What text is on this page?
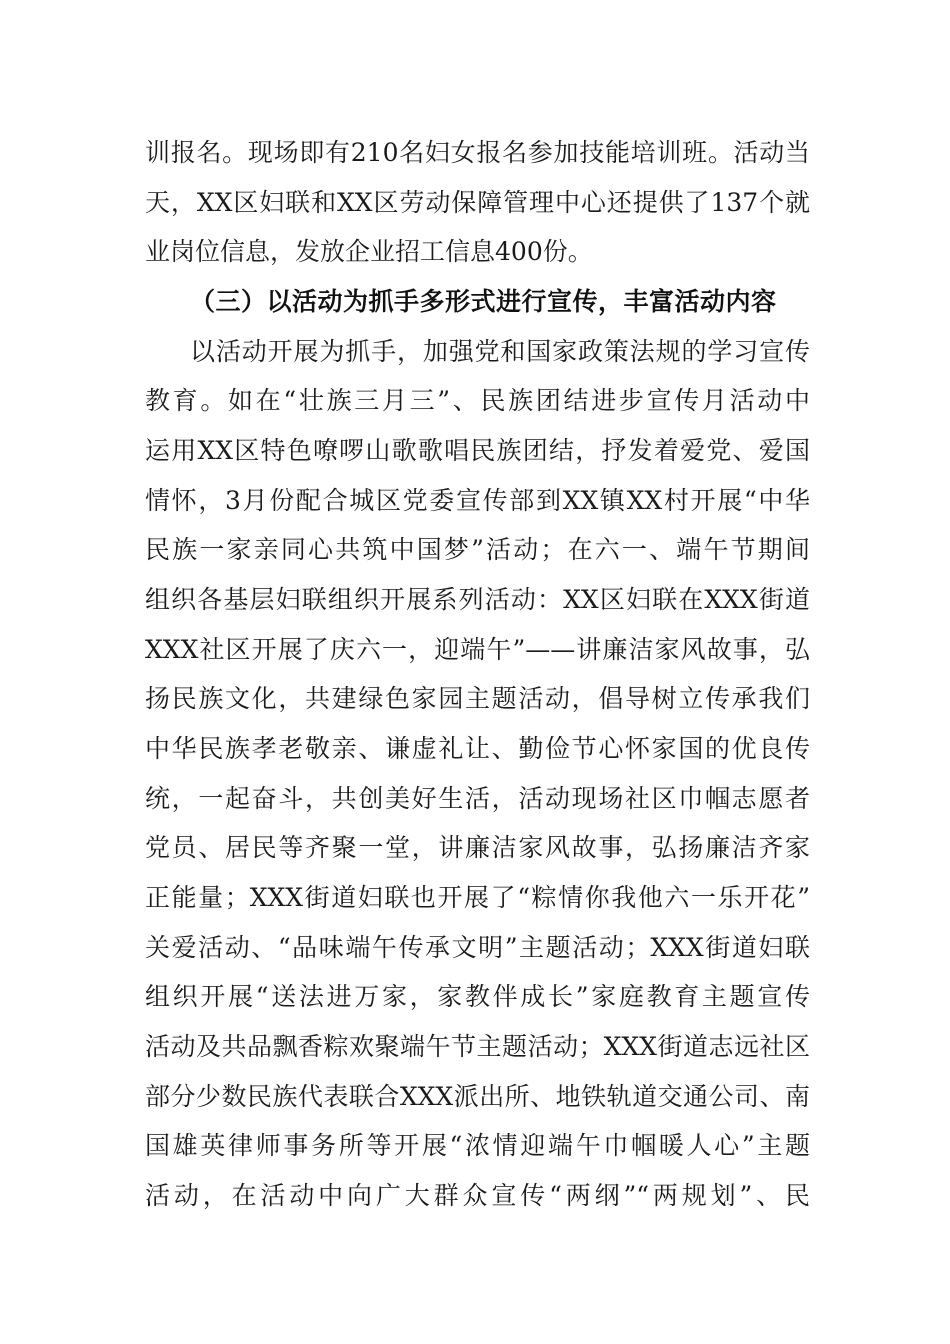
训报名。现场即有210名妇女报名参加技能培训班。活动当
天，XX区妇联和XX区劳动保障管理中心还提供了137个就
业岗位信息，发放企业招工信息400份。
（三）以活动为抓手多形式进行宣传，丰富活动内容
以活动开展为抓手，加强党和国家政策法规的学习宣传
教育。如在“壮族三月三”、民族团结进步宣传月活动中
运用XX区特色嘹啰山歌歌唱民族团结，抒发着爱党、爱国
情怀，3月份配合城区党委宣传部到XX镇XX村开展“中华
民族一家亲同心共筑中国梦”活动；在六一、端午节期间
组织各基层妇联组织开展系列活动：XX区妇联在XXX街道
XXX社区开展了庆六一，迎端午”——讲廉洁家风故事，弘
扬民族文化，共建绿色家园主题活动，倡导树立传承我们
中华民族孝老敬亲、谦虚礼让、勤俭节心怀家国的优良传
统，一起奋斗，共创美好生活，活动现场社区巾帼志愿者
党员、居民等齐聚一堂，讲廉洁家风故事，弘扬廉洁齐家
正能量；XXX街道妇联也开展了“粽情你我他六一乐开花”
关爱活动、“品味端午传承文明”主题活动；XXX街道妇联
组织开展“送法进万家，家教伴成长”家庭教育主题宣传
活动及共品飘香粽欢聚端午节主题活动；XXX街道志远社区
部分少数民族代表联合XXX派出所、地铁轨道交通公司、南
国雄英律师事务所等开展“浓情迎端午巾帼暖人心”主题
活动，在活动中向广大群众宣传“两纲”“两规划”、民
